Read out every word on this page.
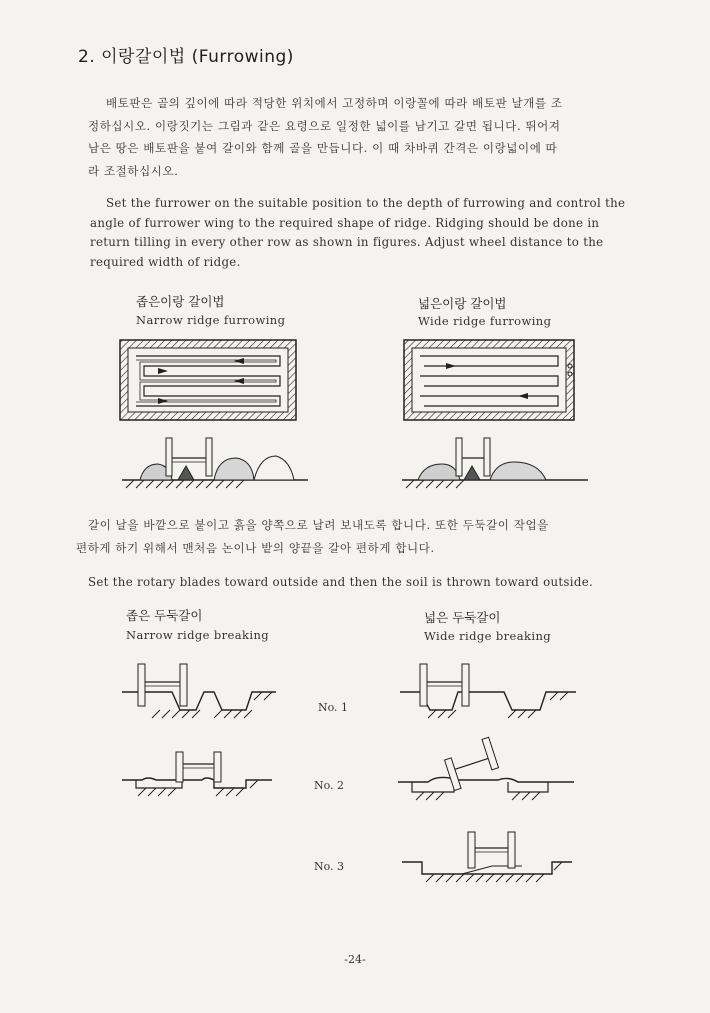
2. 이랑갈이법 (Furrowing)
배토판은 골의 깊이에 따라 적당한 위치에서 고정하며 이랑꼴에 따라 배토판 날개를 조
정하십시오. 이랑짓기는 그림과 같은 요령으로 일정한 넓이를 남기고 갈면 됩니다. 뛰어져
남은 땅은 배토판을 붙여 갈이와 함께 골을 만듭니다. 이 때 차바퀴 간격은 이랑넓이에 따
라 조절하십시오.
Set the furrower on the suitable position to the depth of furrowing and control the
angle of furrower wing to the required shape of ridge. Ridging should be done in
return tilling in every other row as shown in figures. Adjust wheel distance to the
required width of ridge.
좁은이랑 갈이법
Narrow ridge furrowing
넓은이랑 갈이법
Wide ridge furrowing
갈이 날을 바깥으로 붙이고 흙을 양쪽으로 날려 보내도록 합니다. 또한 두둑갈이 작업을
편하게 하기 위해서 맨처음 논이나 밭의 양끝을 갈아 편하게 합니다.
Set the rotary blades toward outside and then the soil is thrown toward outside.
좁은 두둑갈이
Narrow ridge breaking
넓은 두둑갈이
Wide ridge breaking
No. 1
No. 2
No. 3
-24-
